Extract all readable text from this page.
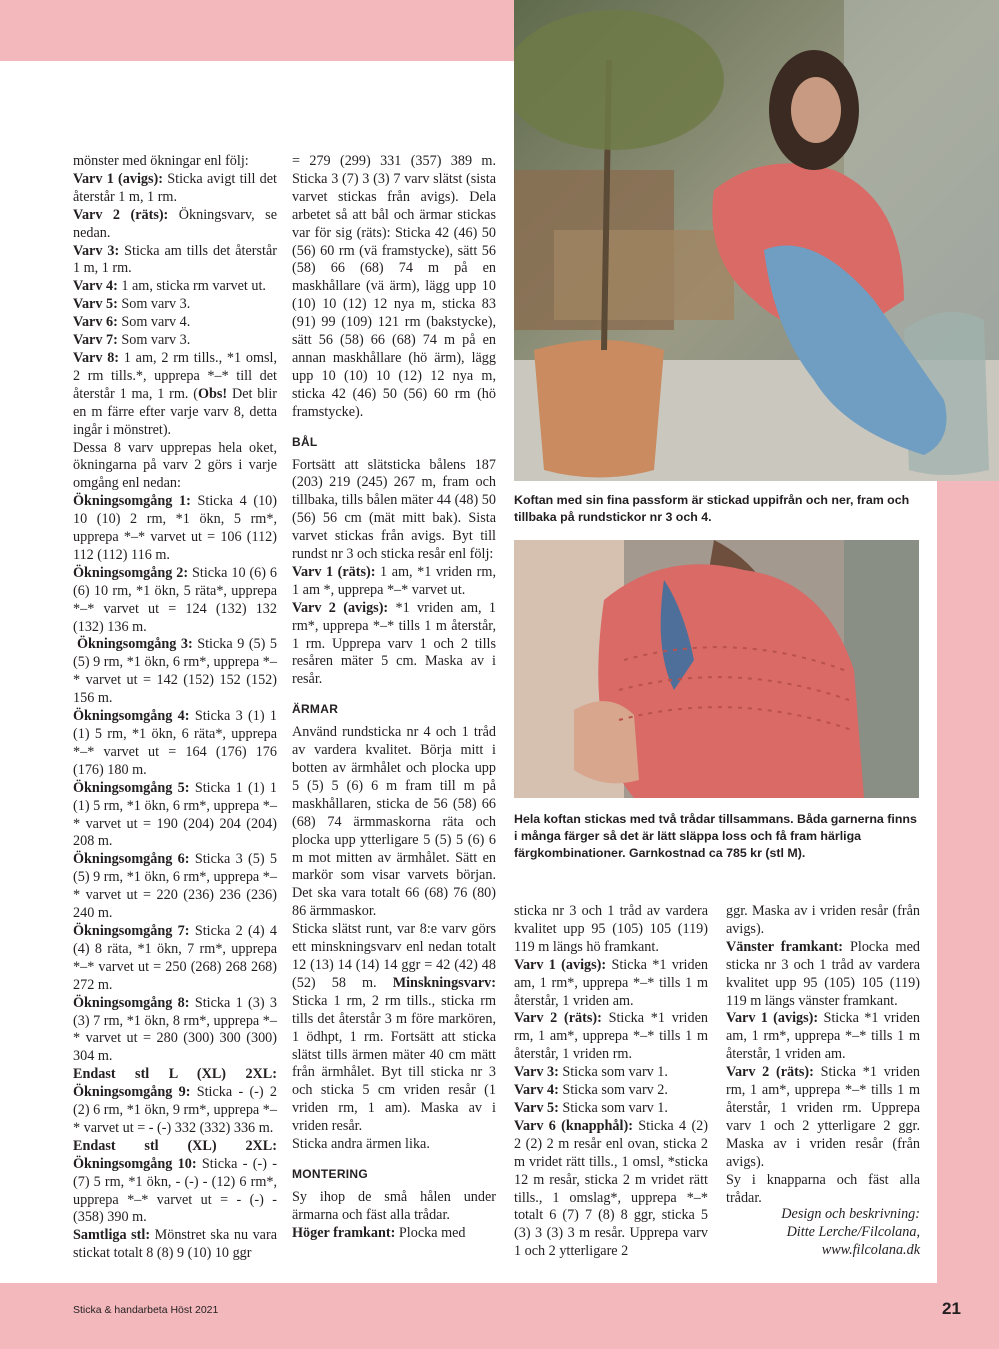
mönster med ökningar enl följ:

Varv 1 (avigs): Sticka avigt till det återstår 1 m, 1 rm.

Varv 2 (räts): Ökningsvarv, se nedan.

Varv 3: Sticka am tills det återstår 1 m, 1 rm.

Varv 4: 1 am, sticka rm varvet ut.

Varv 5: Som varv 3.

Varv 6: Som varv 4.

Varv 7: Som varv 3.

Varv 8: 1 am, 2 rm tills., *1 omsl, 2 rm tills.*, upprepa *–* till det återstår 1 ma, 1 rm. (Obs! Det blir en m färre efter varje varv 8, detta ingår i mönstret).

Dessa 8 varv upprepas hela oket, ökningarna på varv 2 görs i varje omgång enl nedan:

Ökningsomgång 1: Sticka 4 (10) 10 (10) 2 rm, *1 ökn, 5 rm*, upprepa *–* varvet ut = 106 (112) 112 (112) 116 m.

Ökningsomgång 2: Sticka 10 (6) 6 (6) 10 rm, *1 ökn, 5 räta*, upprepa *–* varvet ut = 124 (132) 132 (132) 136 m.

Ökningsomgång 3: Sticka 9 (5) 5 (5) 9 rm, *1 ökn, 6 rm*, upprepa *–* varvet ut = 142 (152) 152 (152) 156 m.

Ökningsomgång 4: Sticka 3 (1) 1 (1) 5 rm, *1 ökn, 6 räta*, upprepa *–* varvet ut = 164 (176) 176 (176) 180 m.

Ökningsomgång 5: Sticka 1 (1) 1 (1) 5 rm, *1 ökn, 6 rm*, upprepa *–* varvet ut = 190 (204) 204 (204) 208 m.

Ökningsomgång 6: Sticka 3 (5) 5 (5) 9 rm, *1 ökn, 6 rm*, upprepa *–* varvet ut = 220 (236) 236 (236) 240 m.

Ökningsomgång 7: Sticka 2 (4) 4 (4) 8 räta, *1 ökn, 7 rm*, upprepa *–* varvet ut = 250 (268) 268 268) 272 m.

Ökningsomgång 8: Sticka 1 (3) 3 (3) 7 rm, *1 ökn, 8 rm*, upprepa *–* varvet ut = 280 (300) 300 (300) 304 m.

Endast stl L (XL) 2XL: Ökningsomgång 9: Sticka - (-) 2 (2) 6 rm, *1 ökn, 9 rm*, upprepa *–* varvet ut = - (-) 332 (332) 336 m.

Endast stl (XL) 2XL: Ökningsomgång 10: Sticka - (-) - (7) 5 rm, *1 ökn, - (-) - (12) 6 rm*, upprepa *–* varvet ut = - (-) - (358) 390 m.

Samtliga stl: Mönstret ska nu vara stickat totalt 8 (8) 9 (10) 10 ggr

= 279 (299) 331 (357) 389 m. Sticka 3 (7) 3 (3) 7 varv slätst (sista varvet stickas från avigs). Dela arbetet så att bål och ärmar stickas var för sig (räts): Sticka 42 (46) 50 (56) 60 rm (vä framstycke), sätt 56 (58) 66 (68) 74 m på en maskhållare (vä ärm), lägg upp 10 (10) 10 (12) 12 nya m, sticka 83 (91) 99 (109) 121 rm (bakstycke), sätt 56 (58) 66 (68) 74 m på en annan maskhållare (hö ärm), lägg upp 10 (10) 10 (12) 12 nya m, sticka 42 (46) 50 (56) 60 rm (hö framstycke).

BÅL

Fortsätt att slätsticka bålens 187 (203) 219 (245) 267 m, fram och tillbaka, tills bålen mäter 44 (48) 50 (56) 56 cm (mät mitt bak). Sista varvet stickas från avigs. Byt till rundst nr 3 och sticka resår enl följ:

Varv 1 (räts): 1 am, *1 vriden rm, 1 am *, upprepa *–* varvet ut.

Varv 2 (avigs): *1 vriden am, 1 rm*, upprepa *–* tills 1 m återstår, 1 rm. Upprepa varv 1 och 2 tills resåren mäter 5 cm. Maska av i resår.

ÄRMAR

Använd rundsticka nr 4 och 1 tråd av vardera kvalitet. Börja mitt i botten av ärmhålet och plocka upp 5 (5) 5 (6) 6 m fram till m på maskhållaren, sticka de 56 (58) 66 (68) 74 ärmmaskorna räta och plocka upp ytterligare 5 (5) 5 (6) 6 m mot mitten av ärmhålet. Sätt en markör som visar varvets början. Det ska vara totalt 66 (68) 76 (80) 86 ärmmaskor.

Sticka slätst runt, var 8:e varv görs ett minskningsvarv enl nedan totalt 12 (13) 14 (14) 14 ggr = 42 (42) 48 (52) 58 m. Minskningsvarv: Sticka 1 rm, 2 rm tills., sticka rm tills det återstår 3 m före markören, 1 ödhpt, 1 rm. Fortsätt att sticka slätst tills ärmen mäter 40 cm mätt från ärmhålet. Byt till sticka nr 3 och sticka 5 cm vriden resår (1 vriden rm, 1 am). Maska av i vriden resår.

Sticka andra ärmen lika.

MONTERING

Sy ihop de små hålen under ärmarna och fäst alla trådar.

Höger framkant: Plocka med

sticka nr 3 och 1 tråd av vardera kvalitet upp 95 (105) 105 (119) 119 m längs hö framkant.

Varv 1 (avigs): Sticka *1 vriden am, 1 rm*, upprepa *–* tills 1 m återstår, 1 vriden am.

Varv 2 (räts): Sticka *1 vriden rm, 1 am*, upprepa *–* tills 1 m återstår, 1 vriden rm.

Varv 3: Sticka som varv 1.

Varv 4: Sticka som varv 2.

Varv 5: Sticka som varv 1.

Varv 6 (knapphål): Sticka 4 (2) 2 (2) 2 m resår enl ovan, sticka 2 m vridet rätt tills., 1 omsl, *sticka 12 m resår, sticka 2 m vridet rätt tills., 1 omslag*, upprepa *–* totalt 6 (7) 7 (8) 8 ggr, sticka 5 (3) 3 (3) 3 m resår. Upprepa varv 1 och 2 ytterligare 2

ggr. Maska av i vriden resår (från avigs).

Vänster framkant: Plocka med sticka nr 3 och 1 tråd av vardera kvalitet upp 95 (105) 105 (119) 119 m längs vänster framkant.

Varv 1 (avigs): Sticka *1 vriden am, 1 rm*, upprepa *–* tills 1 m återstår, 1 vriden am.

Varv 2 (räts): Sticka *1 vriden rm, 1 am*, upprepa *–* tills 1 m återstår, 1 vriden rm. Upprepa varv 1 och 2 ytterligare 2 ggr. Maska av i vriden resår (från avigs).

Sy i knapparna och fäst alla trådar.

Design och beskrivning:

Ditte Lerche/Filcolana,

www.filcolana.dk

Koftan med sin fina passform är stickad uppifrån och ner, fram och tillbaka på rundstickor nr 3 och 4.
Hela koftan stickas med två trådar tillsammans. Båda garnerna finns i många färger så det är lätt släppa loss och få fram härliga färgkombinationer. Garnkostnad ca 785 kr (stl M).
Sticka & handarbeta Höst 2021	21
